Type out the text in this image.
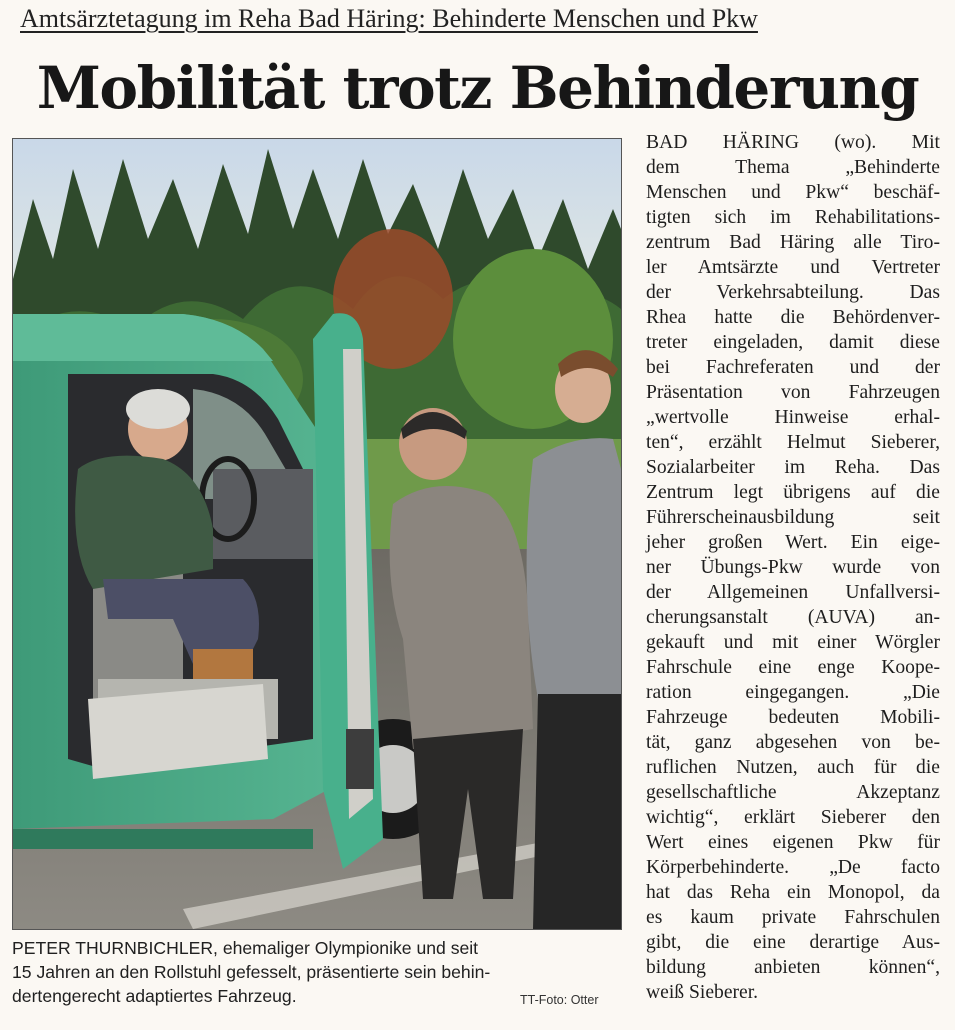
Amtsärztetagung im Reha Bad Häring: Behinderte Menschen und Pkw
Mobilität trotz Behinderung

PETER THURNBICHLER, ehemaliger Olympionike und seit

15 Jahren an den Rollstuhl gefesselt, präsentierte sein behin-

dertengerecht adaptiertes Fahrzeug.	TT-Foto: Otter
BAD HÄRING (wo). Mit
dem Thema „Behinderte
Menschen und Pkw“ beschäf-
tigten sich im Rehabilitations-
zentrum Bad Häring alle Tiro-
ler Amtsärzte und Vertreter
der Verkehrsabteilung. Das
Rhea hatte die Behördenver-
treter eingeladen, damit diese
bei Fachreferaten und der
Präsentation von Fahrzeugen
„wertvolle Hinweise erhal-
ten“, erzählt Helmut Sieberer,
Sozialarbeiter im Reha. Das
Zentrum legt übrigens auf die
Führerscheinausbildung seit
jeher großen Wert. Ein eige-
ner Übungs-Pkw wurde von
der Allgemeinen Unfallversi-
cherungsanstalt (AUVA) an-
gekauft und mit einer Wörgler
Fahrschule eine enge Koope-
ration eingegangen. „Die
Fahrzeuge bedeuten Mobili-
tät, ganz abgesehen von be-
ruflichen Nutzen, auch für die
gesellschaftliche Akzeptanz
wichtig“, erklärt Sieberer den
Wert eines eigenen Pkw für
Körperbehinderte. „De facto
hat das Reha ein Monopol, da
es kaum private Fahrschulen
gibt, die eine derartige Aus-
bildung anbieten können“,
weiß Sieberer.
